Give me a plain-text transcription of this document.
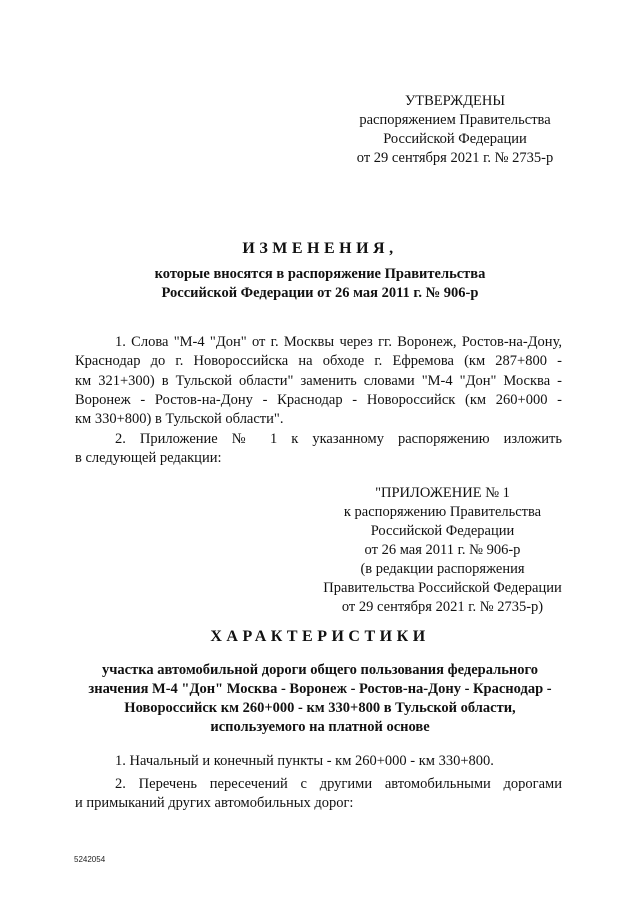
УТВЕРЖДЕНЫ
распоряжением Правительства
Российской Федерации
от 29 сентября 2021 г. № 2735-р
ИЗМЕНЕНИЯ,
которые вносятся в распоряжение Правительства
Российской Федерации от 26 мая 2011 г. № 906-р
1. Слова "М-4 "Дон" от г. Москвы через гг. Воронеж, Ростов-на-Дону,
Краснодар до г. Новороссийска на обходе г. Ефремова (км 287+800 -
км 321+300) в Тульской области" заменить словами "М-4 "Дон" Москва -
Воронеж - Ростов-на-Дону - Краснодар - Новороссийск (км 260+000 -
км 330+800) в Тульской области".
2. Приложение № 1 к указанному распоряжению изложить
в следующей редакции:
"ПРИЛОЖЕНИЕ № 1
к распоряжению Правительства
Российской Федерации
от 26 мая 2011 г. № 906-р
(в редакции распоряжения
Правительства Российской Федерации
от 29 сентября 2021 г. № 2735-р)
ХАРАКТЕРИСТИКИ
участка автомобильной дороги общего пользования федерального
значения М-4 "Дон" Москва - Воронеж - Ростов-на-Дону - Краснодар -
Новороссийск км 260+000 - км 330+800 в Тульской области,
используемого на платной основе
1. Начальный и конечный пункты - км 260+000 - км 330+800.
2. Перечень пересечений с другими автомобильными дорогами
и примыканий других автомобильных дорог:
5242054
